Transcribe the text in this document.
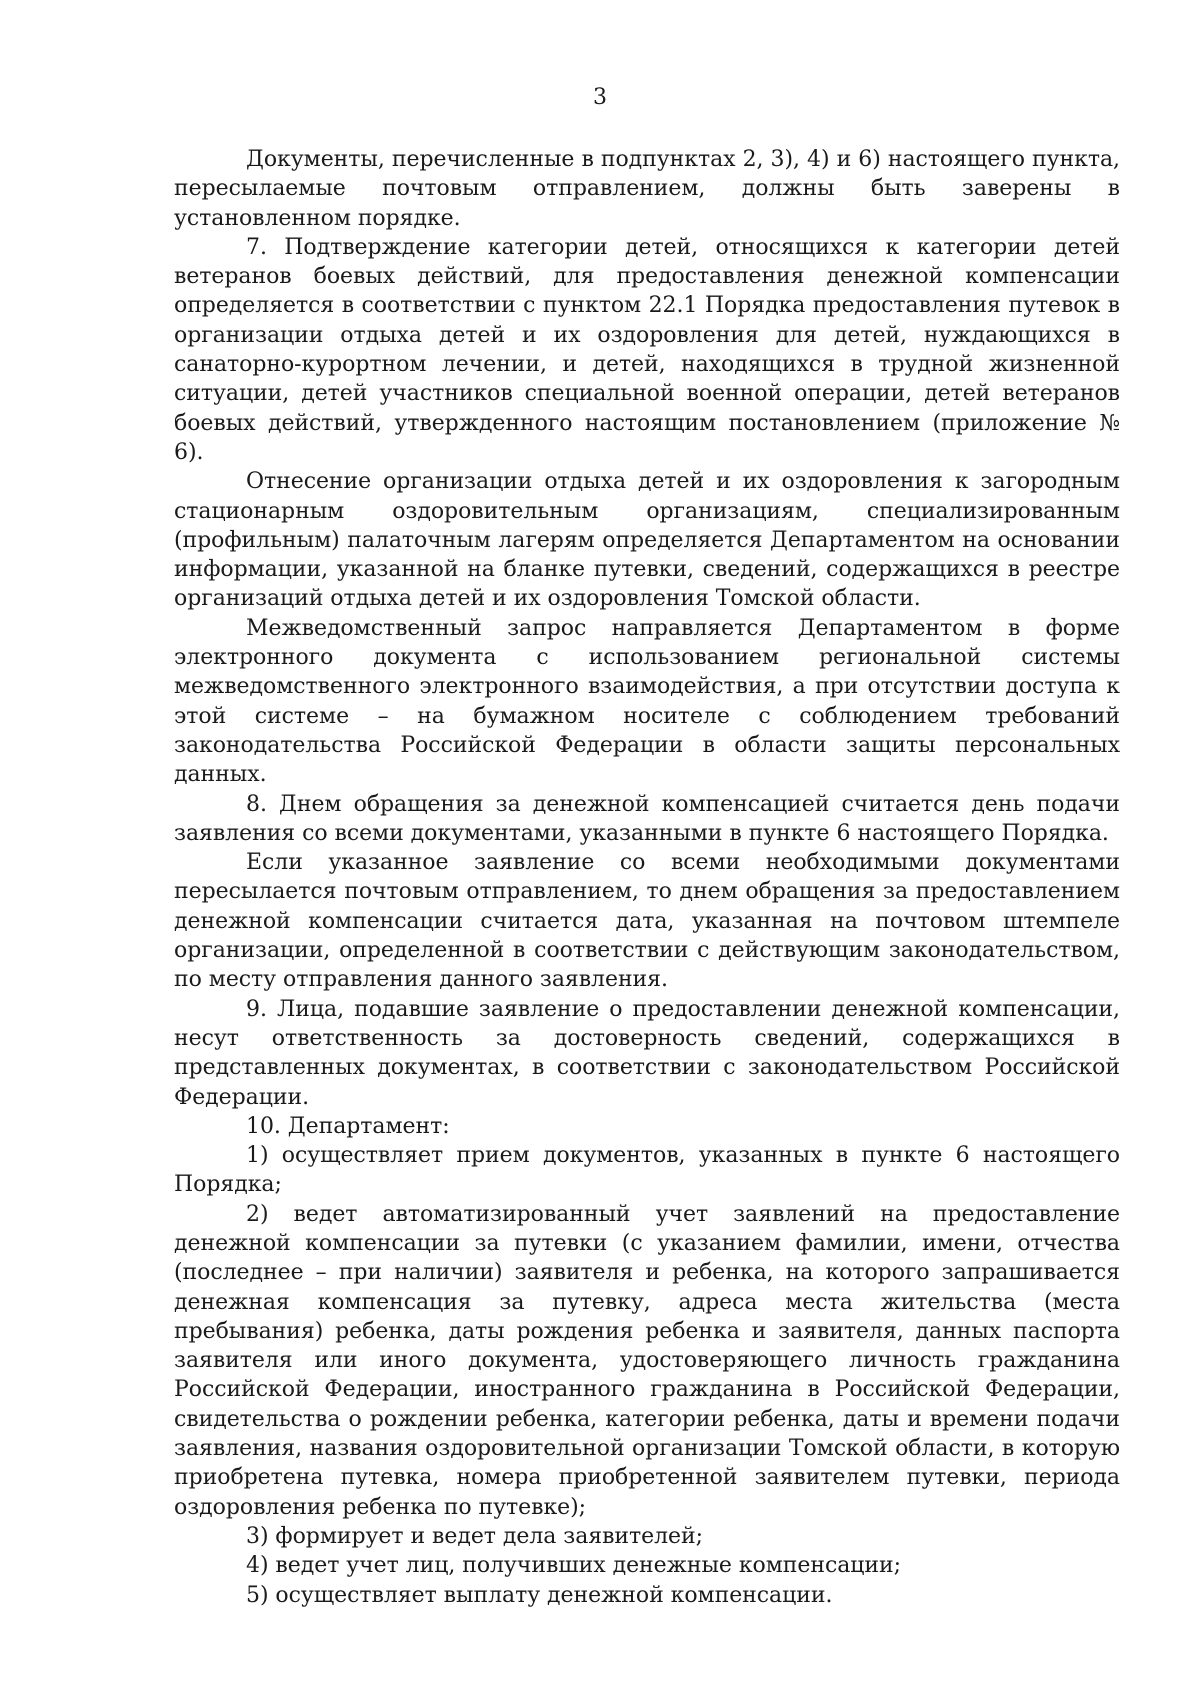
3

Документы, перечисленные в подпунктах 2, 3), 4) и 6) настоящего пункта, пересылаемые почтовым отправлением, должны быть заверены в установленном порядке.

7. Подтверждение категории детей, относящихся к категории детей ветеранов боевых действий, для предоставления денежной компенсации определяется в соответствии с пунктом 22.1 Порядка предоставления путевок в организации отдыха детей и их оздоровления для детей, нуждающихся в санаторно-курортном лечении, и детей, находящихся в трудной жизненной ситуации, детей участников специальной военной операции, детей ветеранов боевых действий, утвержденного настоящим постановлением (приложение № 6).

Отнесение организации отдыха детей и их оздоровления к загородным стационарным оздоровительным организациям, специализированным (профильным) палаточным лагерям определяется Департаментом на основании информации, указанной на бланке путевки, сведений, содержащихся в реестре организаций отдыха детей и их оздоровления Томской области.

Межведомственный запрос направляется Департаментом в форме электронного документа с использованием региональной системы межведомственного электронного взаимодействия, а при отсутствии доступа к этой системе – на бумажном носителе с соблюдением требований законодательства Российской Федерации в области защиты персональных данных.

8. Днем обращения за денежной компенсацией считается день подачи заявления со всеми документами, указанными в пункте 6 настоящего Порядка.

Если указанное заявление со всеми необходимыми документами пересылается почтовым отправлением, то днем обращения за предоставлением денежной компенсации считается дата, указанная на почтовом штемпеле организации, определенной в соответствии с действующим законодательством, по месту отправления данного заявления.

9. Лица, подавшие заявление о предоставлении денежной компенсации, несут ответственность за достоверность сведений, содержащихся в представленных документах, в соответствии с законодательством Российской Федерации.

10. Департамент:

1) осуществляет прием документов, указанных в пункте 6 настоящего Порядка;

2) ведет автоматизированный учет заявлений на предоставление денежной компенсации за путевки (с указанием фамилии, имени, отчества (последнее – при наличии) заявителя и ребенка, на которого запрашивается денежная компенсация за путевку, адреса места жительства (места пребывания) ребенка, даты рождения ребенка и заявителя, данных паспорта заявителя или иного документа, удостоверяющего личность гражданина Российской Федерации, иностранного гражданина в Российской Федерации, свидетельства о рождении ребенка, категории ребенка, даты и времени подачи заявления, названия оздоровительной организации Томской области, в которую приобретена путевка, номера приобретенной заявителем путевки, периода оздоровления ребенка по путевке);

3) формирует и ведет дела заявителей;

4) ведет учет лиц, получивших денежные компенсации;

5) осуществляет выплату денежной компенсации.
